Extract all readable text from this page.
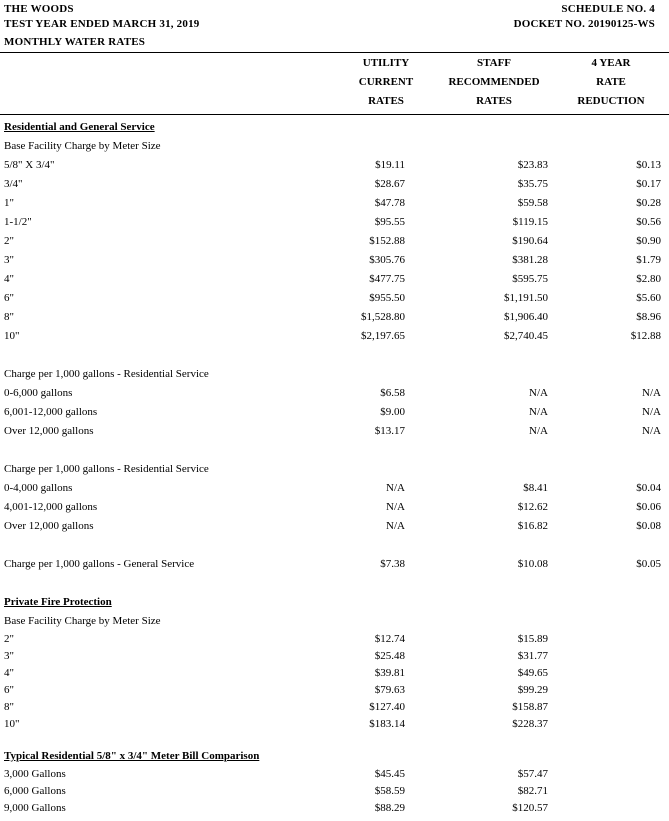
THE WOODS
TEST YEAR ENDED MARCH 31, 2019
MONTHLY WATER RATES
SCHEDULE NO. 4
DOCKET NO. 20190125-WS
UTILITY
CURRENT
RATES
STAFF
RECOMMENDED
RATES
4 YEAR
RATE
REDUCTION
Residential and General Service
Base Facility Charge by Meter Size
5/8" X 3/4"	$19.11	$23.83	$0.13
3/4"	$28.67	$35.75	$0.17
1"	$47.78	$59.58	$0.28
1-1/2"	$95.55	$119.15	$0.56
2"	$152.88	$190.64	$0.90
3"	$305.76	$381.28	$1.79
4"	$477.75	$595.75	$2.80
6"	$955.50	$1,191.50	$5.60
8"	$1,528.80	$1,906.40	$8.96
10"	$2,197.65	$2,740.45	$12.88
Charge per 1,000 gallons - Residential Service
0-6,000 gallons	$6.58	N/A	N/A
6,001-12,000 gallons	$9.00	N/A	N/A
Over 12,000 gallons	$13.17	N/A	N/A
Charge per 1,000 gallons - Residential Service
0-4,000 gallons	N/A	$8.41	$0.04
4,001-12,000 gallons	N/A	$12.62	$0.06
Over 12,000 gallons	N/A	$16.82	$0.08
Charge per 1,000 gallons - General Service	$7.38	$10.08	$0.05
Private Fire Protection
Base Facility Charge by Meter Size
2"	$12.74	$15.89
3"	$25.48	$31.77
4"	$39.81	$49.65
6"	$79.63	$99.29
8"	$127.40	$158.87
10"	$183.14	$228.37
Typical Residential 5/8" x 3/4" Meter Bill Comparison
3,000 Gallons	$45.45	$57.47
6,000 Gallons	$58.59	$82.71
9,000 Gallons	$88.29	$120.57
